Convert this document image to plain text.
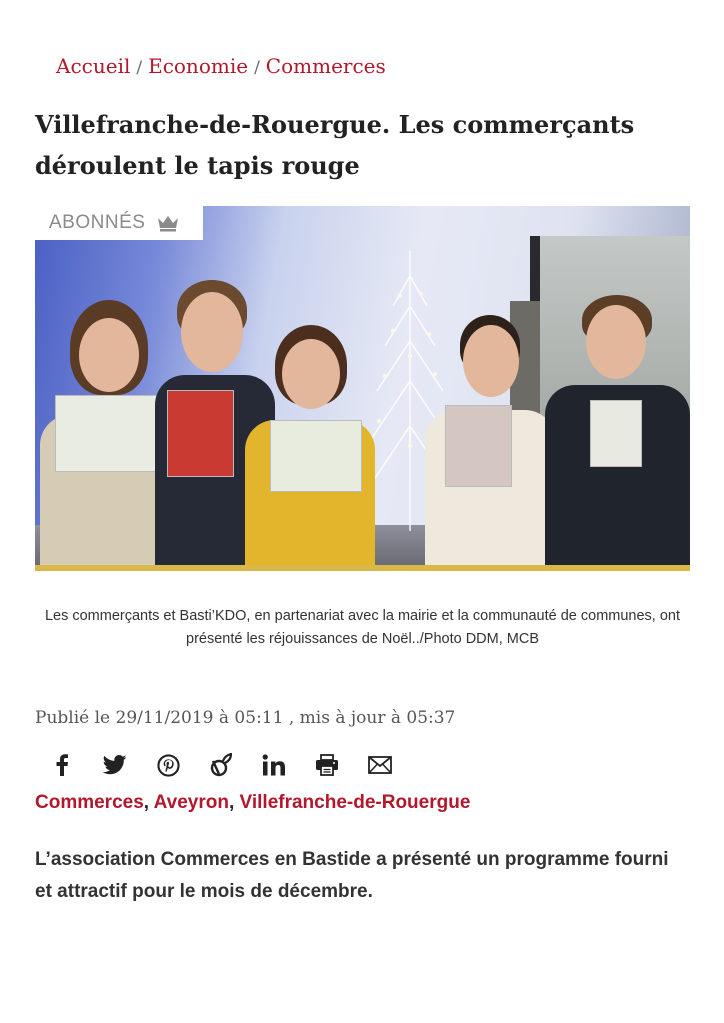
Accueil / Economie / Commerces
Villefranche-de-Rouergue. Les commerçants déroulent le tapis rouge
ABONNÉS

Les commerçants et Basti’KDO, en partenariat avec la mairie et la communauté de communes, ont présenté les réjouissances de Noël../Photo DDM, MCB

Publié le 29/11/2019 à 05:11 , mis à jour à 05:37
Commerces, Aveyron, Villefranche-de-Rouergue

L’association Commerces en Bastide a présenté un programme fourni et attractif pour le mois de décembre.
